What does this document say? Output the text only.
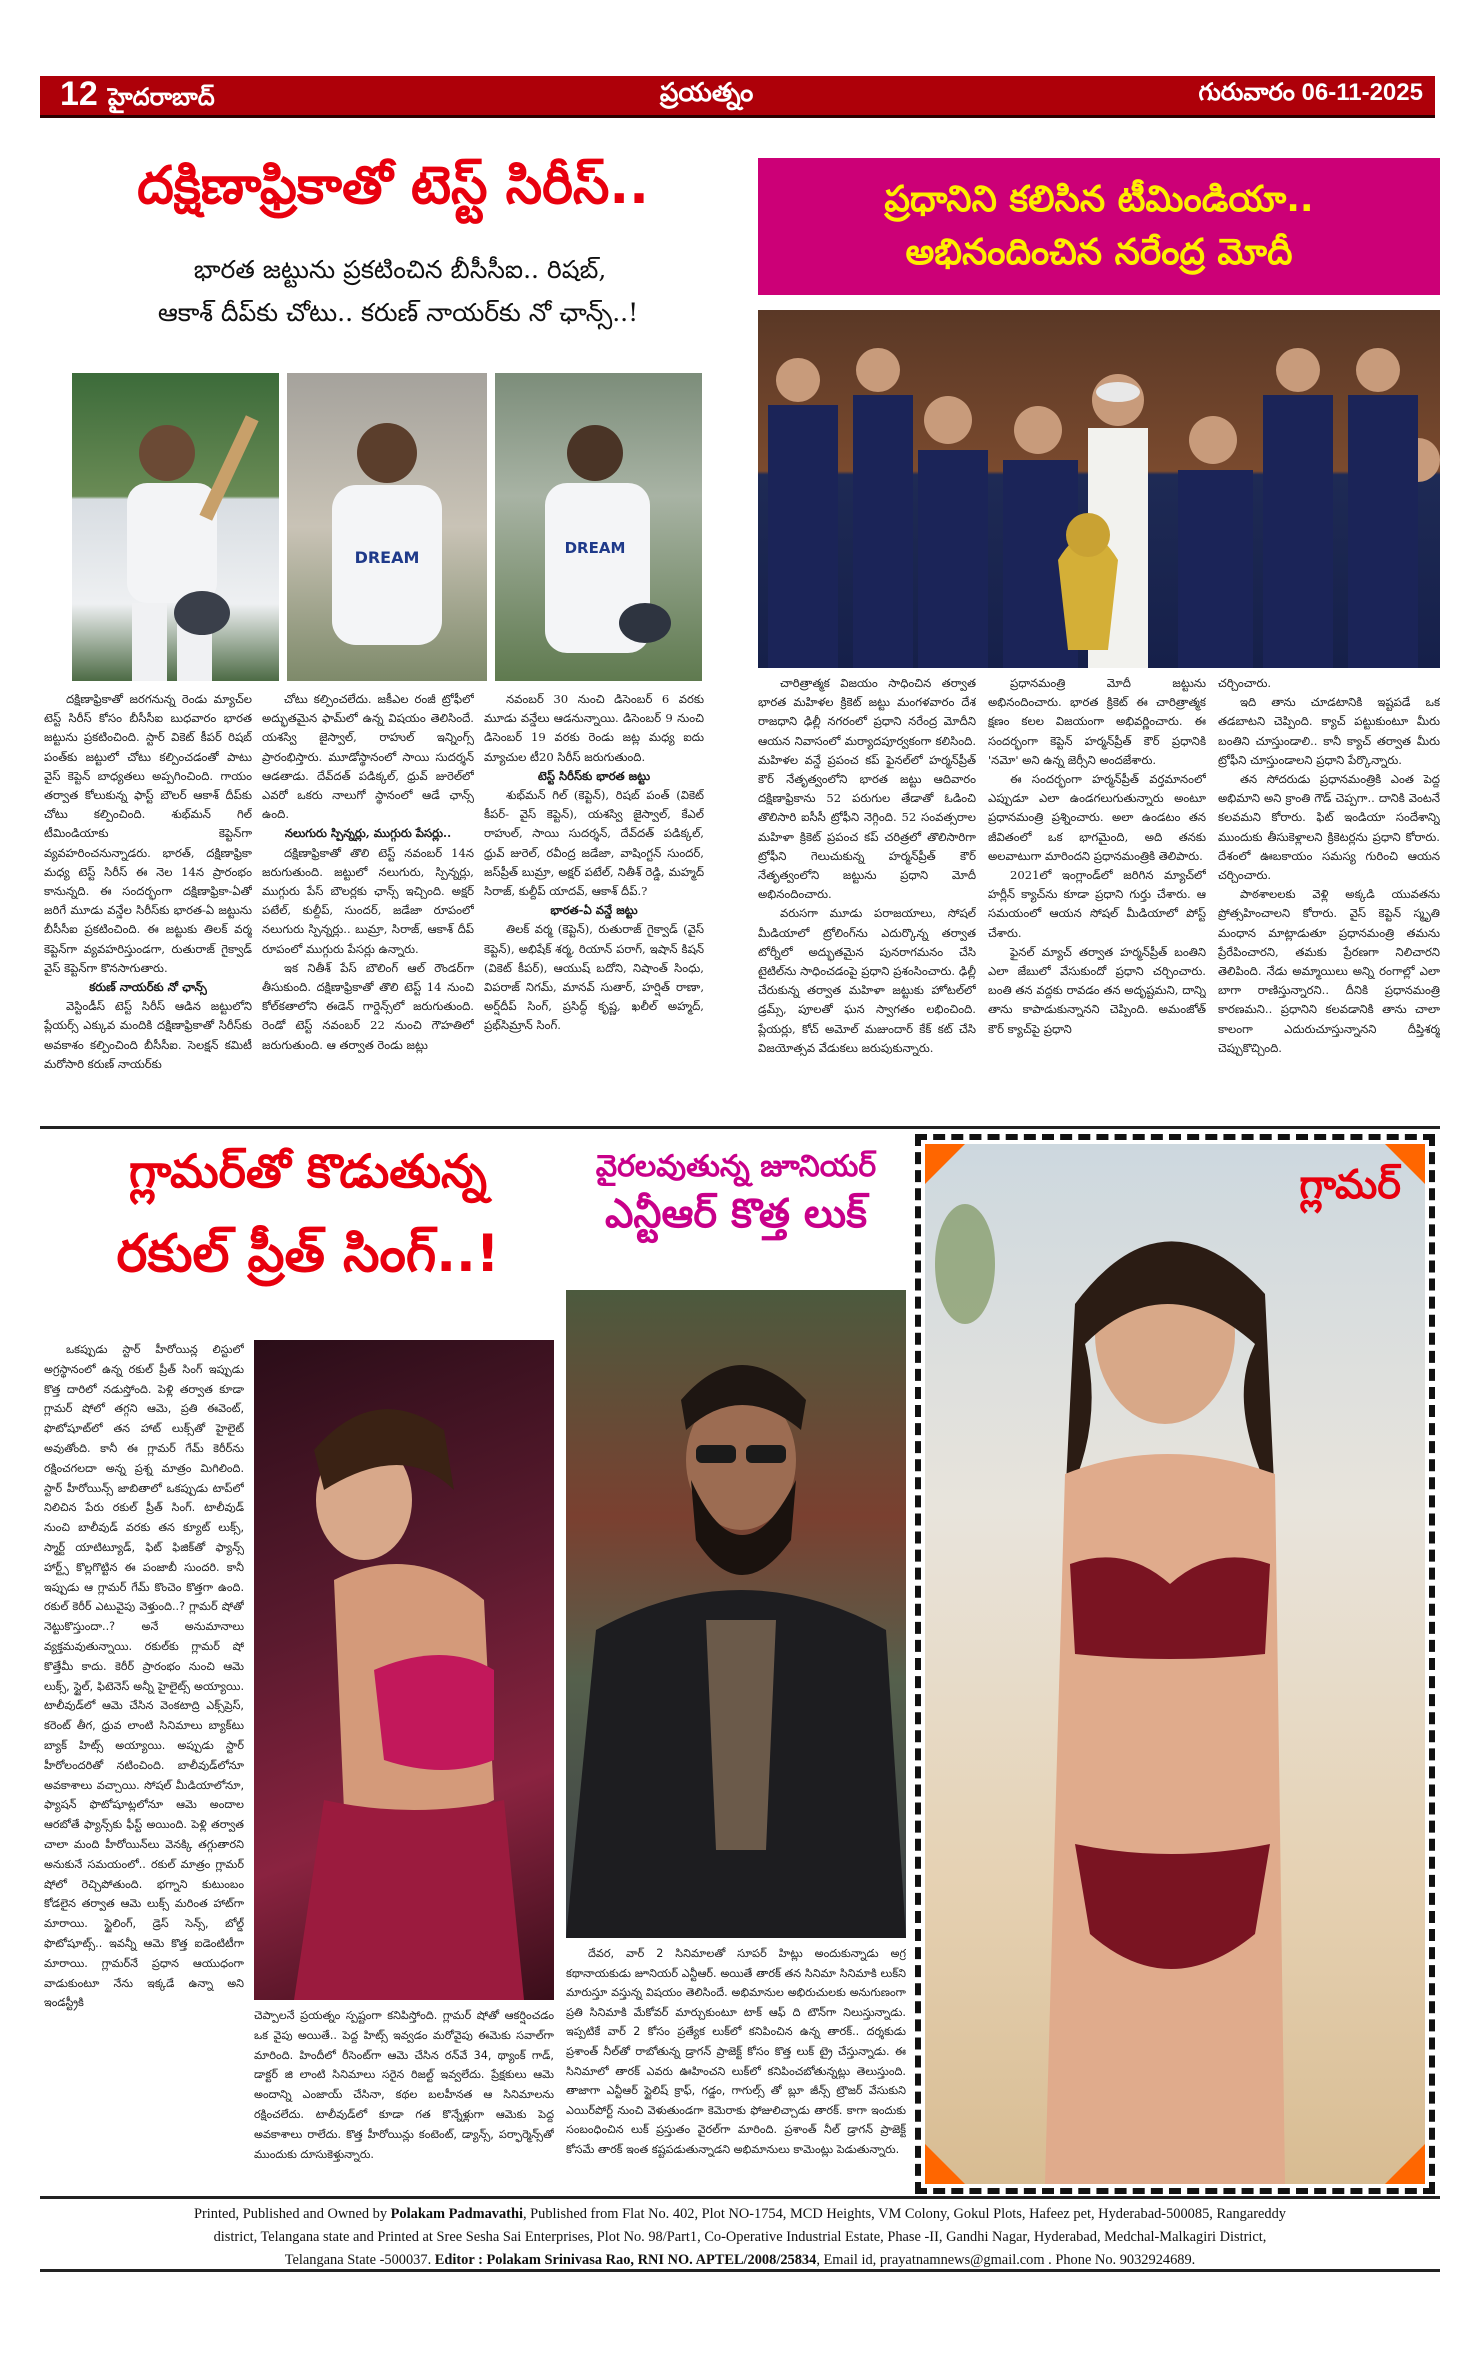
12 హైదరాబాద్	ప్రయత్నం	గురువారం 06-11-2025
దక్షిణాఫ్రికాతో టెస్ట్ సిరీస్..
భారత జట్టును ప్రకటించిన బీసీసీఐ.. రిషబ్,
ఆకాశ్ దీప్‌కు చోటు.. కరుణ్ నాయర్‌కు నో ఛాన్స్..!
DREAM	DREAM

దక్షిణాఫ్రికాతో జరగనున్న రెండు మ్యాచ్‌ల టెస్ట్ సిరీస్ కోసం బీసీసీఐ బుధవారం భారత జట్టును ప్రకటించింది. స్టార్ వికెట్ కీపర్ రిషబ్ పంత్‌కు జట్టులో చోటు కల్పించడంతో పాటు వైస్ కెప్టెన్ బాధ్యతలు అప్పగించింది. గాయం తర్వాత కోలుకున్న ఫాస్ట్ బౌలర్ ఆకాశ్ దీప్‌కు చోటు కల్పించింది. శుభ్‌మన్ గిల్ టీమిండియాకు కెప్టెన్‌గా వ్యవహరించనున్నాడరు. భారత్, దక్షిణాఫ్రికా మధ్య టెస్ట్ సిరీస్ ఈ నెల 14న ప్రారంభం కానున్నది. ఈ సందర్భంగా దక్షిణాఫ్రికా-ఏతో జరిగే మూడు వన్డేల సిరీస్‌కు భారత-ఏ జట్టును బీసీసీఐ ప్రకటించింది. ఈ జట్టుకు తిలక్ వర్మ కెప్టెన్‌గా వ్యవహరిస్తుండగా, రుతురాజ్ గైక్వాడ్ వైస్ కెప్టెన్‌గా కొనసాగుతారు.

కరుణ్ నాయర్‌కు నో ఛాన్స్

వెస్టిండీస్ టెస్ట్ సిరీస్ ఆడిన జట్టులోని ప్లేయర్స్ ఎక్కువ మందికి దక్షిణాఫ్రికాతో సిరీస్‌కు అవకాశం కల్పించింది బీసీసీఐ. సెలక్షన్ కమిటీ మరోసారి కరుణ్ నాయర్‌కు

చోటు కల్పించలేదు. జకీఎల రంజీ ట్రోఫీలో అద్భుతమైన ఫామ్‌లో ఉన్న విషయం తెలిసిందే. యశస్వి జైస్వాల్, రాహుల్ ఇన్నింగ్స్ ప్రారంభిస్తారు. మూడోస్థానంలో సాయి సుదర్శన్ ఆడతాడు. దేవ్‌దత్ పడిక్కల్, ధ్రువ్ జురెల్‌లో ఎవరో ఒకరు నాలుగో స్థానంలో ఆడే ఛాన్స్ ఉంది.

నలుగురు స్పిన్నర్లు, ముగ్గురు పేసర్లు..

దక్షిణాఫ్రికాతో తొలి టెస్ట్ నవంబర్ 14న జరుగుతుంది. జట్టులో నలుగురు, స్పిన్నర్లు, ముగ్గురు పేస్ బౌలర్లకు ఛాన్స్ ఇచ్చింది. అక్షర్ పటేల్, కుల్దీప్, సుందర్, జడేజా రూపంలో నలుగురు స్పిన్నర్లు.. బుమ్రా, సిరాజ్, ఆకాశ్ దీప్ రూపంలో ముగ్గురు పేసర్లు ఉన్నారు.

ఇక నితీశ్ పేస్ బౌలింగ్ ఆల్ రౌండర్‌గా తీసుకుంది. దక్షిణాఫ్రికాతో తొలి టెస్ట్ 14 నుంచి కోల్‌కతాలోని ఈడెన్ గార్డెన్స్‌లో జరుగుతుంది. రెండో టెస్ట్ నవంబర్ 22 నుంచి గౌహతిలో జరుగుతుంది. ఆ తర్వాత రెండు జట్లు

నవంబర్ 30 నుంచి డిసెంబర్ 6 వరకు మూడు వన్డేలు ఆడనున్నాయి. డిసెంబర్ 9 నుంచి డిసెంబర్ 19 వరకు రెండు జట్ల మధ్య ఐదు మ్యాచుల టీ20 సిరీస్ జరుగుతుంది.

టెస్ట్ సిరీస్‌కు భారత జట్టు

శుభ్‌మన్ గిల్ (కెప్టెన్), రిషబ్ పంత్ (వికెట్ కీపర్- వైస్ కెప్టెన్), యశస్వి జైస్వాల్, కేఎల్ రాహుల్, సాయి సుదర్శన్, దేవ్‌దత్ పడిక్కల్, ధ్రువ్ జురెల్, రవీంద్ర జడేజా, వాషింగ్టన్ సుందర్, జస్‌ప్రీత్ బుమ్రా, అక్షర్ పటేల్, నితీశ్ రెడ్డి, మహ్మద్ సిరాజ్, కుల్దీప్ యాదవ్, ఆకాశ్ దీప్.?

భారత-ఏ వన్డే జట్టు

తిలక్ వర్మ (కెప్టెన్), రుతురాజ్ గైక్వాడ్ (వైస్ కెప్టెన్), అభిషేక్ శర్మ, రియాన్ పరాగ్, ఇషాన్ కిషన్ (వికెట్ కీపర్), ఆయుష్ బదోని, నిషాంత్ సింధు, విపరాజ్ నిగమ్, మానవ్ సుతార్, హర్షిత్ రాణా, అర్ష్‌దీప్ సింగ్, ప్రసిద్ధ్ కృష్ణ, ఖలీల్ అహ్మద్, ప్రభ్‌సిమ్రాన్ సింగ్.

ప్రధానిని కలిసిన టీమిండియా..
అభినందించిన నరేంద్ర మోదీ

చారిత్రాత్మక విజయం సాధించిన తర్వాత భారత మహిళల క్రికెట్ జట్టు మంగళవారం దేశ రాజధాని ఢిల్లీ నగరంలో ప్రధాని నరేంద్ర మోదీని ఆయన నివాసంలో మర్యాదపూర్వకంగా కలిసింది. మహిళల వన్డే ప్రపంచ కప్ ఫైనల్‌లో హర్మన్‌ప్రీత్ కౌర్ నేతృత్వంలోని భారత జట్టు ఆదివారం దక్షిణాఫ్రికాను 52 పరుగుల తేడాతో ఓడించి తొలిసారి ఐసీసీ ట్రోఫీని నెగ్గింది. 52 సంవత్సరాల మహిళా క్రికెట్ ప్రపంచ కప్ చరిత్రలో తొలిసారిగా ట్రోఫీని గెలుచుకున్న హర్మన్‌ప్రీత్ కౌర్ నేతృత్వంలోని జట్టును ప్రధాని మోదీ అభినందించారు.

వరుసగా మూడు పరాజయాలు, సోషల్ మీడియాలో ట్రోలింగ్‌ను ఎదుర్కొన్న తర్వాత టోర్నీలో అద్భుతమైన పునరాగమనం చేసి టైటిల్‌ను సాధించడంపై ప్రధాని ప్రశంసించారు. ఢిల్లీ చేరుకున్న తర్వాత మహిళా జట్టుకు హోటల్‌లో డ్రమ్స్, పూలతో ఘన స్వాగతం లభించింది. ప్లేయర్లు, కోచ్ అమోల్ మజుందార్ కేక్ కట్ చేసి విజయోత్సవ వేడుకలు జరుపుకున్నారు.

ప్రధానమంత్రి మోదీ జట్టును అభినందించారు. భారత క్రికెట్ ఈ చారిత్రాత్మక క్షణం కలల విజయంగా అభివర్ణించారు. ఈ సందర్భంగా కెప్టెన్ హర్మన్‌ప్రీత్ కౌర్ ప్రధానికి 'నమో' అని ఉన్న జెర్సీని అందజేశారు.

ఈ సందర్భంగా హర్మన్‌ప్రీత్ వర్తమానంలో ఎప్పుడూ ఎలా ఉండగలుగుతున్నారు అంటూ ప్రధానమంత్రి ప్రశ్నించారు. అలా ఉండటం తన జీవితంలో ఒక భాగమైంది, అది తనకు అలవాటుగా మారిందని ప్రధానమంత్రికి తెలిపారు.

2021లో ఇంగ్లాండ్‌లో జరిగిన మ్యాచ్‌లో హర్లీన్ క్యాచ్‌ను కూడా ప్రధాని గుర్తు చేశారు. ఆ సమయంలో ఆయన సోషల్ మీడియాలో పోస్ట్ చేశారు.

ఫైనల్ మ్యాచ్ తర్వాత హర్మన్‌ప్రీత్ బంతిని ఎలా జేబులో వేసుకుందో ప్రధాని చర్చించారు. బంతి తన వద్దకు రావడం తన అదృష్టమని, దాన్ని తాను కాపాడుకున్నానని చెప్పింది. అమంజోత్ కౌర్ క్యాచ్‌పై ప్రధాని

చర్చించారు.

ఇది తాను చూడటానికి ఇష్టపడే ఒక తడబాటని చెప్పింది. క్యాచ్ పట్టుకుంటూ మీరు బంతిని చూస్తుండాలి.. కానీ క్యాచ్ తర్వాత మీరు ట్రోఫీని చూస్తుండాలని ప్రధాని పేర్కొన్నారు.

తన సోదరుడు ప్రధానమంత్రికి ఎంత పెద్ద అభిమాని అని క్రాంతి గౌడ్ చెప్పగా.. దానికి వెంటనే కలవమని కోరారు. ఫిట్ ఇండియా సందేశాన్ని ముందుకు తీసుకెళ్లాలని క్రికెటర్లను ప్రధాని కోరారు. దేశంలో ఊబకాయం సమస్య గురించి ఆయన చర్చించారు.

పాఠశాలలకు వెళ్లి అక్కడి యువతను ప్రోత్సహించాలని కోరారు. వైస్ కెప్టెన్ స్మృతి మంధాన మాట్లాడుతూ ప్రధానమంత్రి తమను ప్రేరేపించారని, తమకు ప్రేరణగా నిలిచారని తెలిపింది. నేడు అమ్మాయిలు అన్ని రంగాల్లో ఎలా బాగా రాణిస్తున్నారని.. దీనికి ప్రధానమంత్రి కారణమని.. ప్రధానిని కలవడానికి తాను చాలా కాలంగా ఎదురుచూస్తున్నానని దీప్తిశర్మ చెప్పుకొచ్చింది.

గ్లామర్‌తో కొడుతున్న
రకుల్ ప్రీత్ సింగ్..!

ఒకప్పుడు స్టార్ హీరోయిన్ల లిస్టులో అగ్రస్థానంలో ఉన్న రకుల్ ప్రీత్ సింగ్ ఇప్పుడు కొత్త దారిలో నడుస్తోంది. పెళ్లి తర్వాత కూడా గ్లామర్ షోలో తగ్గని ఆమె, ప్రతి ఈవెంట్, ఫొటోషూట్‌లో తన హాట్ లుక్స్‌తో హైలైట్ అవుతోంది. కానీ ఈ గ్లామర్ గేమ్ కెరీర్‌ను రక్షించగలదా అన్న ప్రశ్న మాత్రం మిగిలింది. స్టార్ హీరోయిన్స్ జాబితాలో ఒకప్పుడు టాప్‌లో నిలిచిన పేరు రకుల్ ప్రీత్ సింగ్. టాలీవుడ్ నుంచి బాలీవుడ్ వరకు తన క్యూట్ లుక్స్, స్మార్ట్ యాటిట్యూడ్, ఫిట్ ఫిజిక్‌తో ఫ్యాన్స్ హార్ట్స్ కొల్లగొట్టిన ఈ పంజాబీ సుందరి. కానీ ఇప్పుడు ఆ గ్లామర్ గేమ్ కొంచెం కొత్తగా ఉంది. రకుల్ కెరీర్ ఎటువైపు వెళ్తుంది..? గ్లామర్ షోతో నెట్టుకొస్తుందా..? అనే అనుమానాలు వ్యక్తమవుతున్నాయి. రకుల్‌కు గ్లామర్ షో కొత్తేమీ కాదు. కెరీర్ ప్రారంభం నుంచి ఆమె లుక్స్, స్టైల్, ఫిటెనెస్ అన్నీ హైలైట్స్ అయ్యాయి. టాలీవుడ్‌లో ఆమె చేసిన వెంకటాద్రి ఎక్స్‌ప్రెస్, కరెంట్ తీగ, ధ్రువ లాంటి సినిమాలు బ్యాక్‌టు బ్యాక్ హిట్స్ అయ్యాయి. అప్పుడు స్టార్ హీరోలందరితో నటించింది. బాలీవుడ్‌లోనూ అవకాశాలు వచ్చాయి. సోషల్ మీడియాలోనూ, ఫ్యాషన్ ఫొటోషూట్లలోనూ ఆమె అందాల ఆరబోతే ఫ్యాన్స్‌కు ఫీస్ట్ అయింది. పెళ్లి తర్వాత చాలా మంది హీరోయిన్‌లు వెనక్కి తగ్గుతారని అనుకునే సమయంలో.. రకుల్ మాత్రం గ్లామర్ షోలో రెచ్చిపోతుంది. భగ్నాని కుటుంబం కోడలైన తర్వాత ఆమె లుక్స్ మరింత హాట్‌గా మారాయి. స్టైలింగ్, డ్రెస్ సెన్స్, బోల్డ్ ఫొటోషూట్స్.. ఇవన్నీ ఆమె కొత్త ఐడెంటిటీగా మారాయి. గ్లామర్‌నే ప్రధాన ఆయుధంగా వాడుకుంటూ నేను ఇక్కడే ఉన్నా అని ఇండస్ట్రీకి

చెప్పాలనే ప్రయత్నం స్పష్టంగా కనిపిస్తోంది. గ్లామర్ షోతో ఆకర్షించడం ఒక వైపు అయితే.. పెద్ద హిట్స్ ఇవ్వడం మరోవైపు ఈమెకు సవాల్‌గా మారింది. హిందీలో రీసెంట్‌గా ఆమె చేసిన రన్‌వే 34, థ్యాంక్ గాడ్, డాక్టర్ జి లాంటి సినిమాలు సరైన రిజల్ట్ ఇవ్వలేదు. ప్రేక్షకులు ఆమె అందాన్ని ఎంజాయ్ చేసినా, కథల బలహీనత ఆ సినిమాలను రక్షించలేదు. టాలీవుడ్‌లో కూడా గత కొన్నేళ్లుగా ఆమెకు పెద్ద అవకాశాలు రాలేదు. కొత్త హీరోయిన్లు కంటెంట్, డ్యాన్స్, పర్ఫార్మెన్స్‌తో ముందుకు దూసుకెళ్తున్నారు.

వైరలవుతున్న జూనియర్
ఎన్టీఆర్ కొత్త లుక్

దేవర, వార్ 2 సినిమాలతో సూపర్ హిట్లు అందుకున్నాడు అగ్ర కథానాయకుడు జూనియర్ ఎన్టీఆర్. అయితే తారక్ తన సినిమా సినిమాకి లుక్‌ని మారుస్తూ వస్తున్న విషయం తెలిసిందే. అభిమానుల అభిరుచులకు అనుగుణంగా ప్రతి సినిమాకి మేకోవర్ మార్చుకుంటూ టాక్ ఆఫ్ ది టౌన్‌గా నిలుస్తున్నాడు. ఇప్పటికే వార్ 2 కోసం ప్రత్యేక లుక్‌లో కనిపించిన ఉన్న తారక్.. దర్శకుడు ప్రశాంత్ నీల్‌తో రాబోతున్న డ్రాగన్ ప్రాజెక్ట్ కోసం కొత్త లుక్ ట్రై చేస్తున్నాడు. ఈ సినిమాలో తారక్ ఎవరు ఊహించని లుక్‌లో కనిపించబోతున్నట్లు తెలుస్తుంది. తాజాగా ఎన్టీఆర్ స్టైలిష్ క్రాఫ్, గడ్డం, గాగుల్స్ తో బ్లూ జీన్స్ ట్రౌజర్ వేసుకుని ఎయిర్‌పోర్ట్ నుంచి వెళుతుండగా కెమెరాకు ఫోజులిచ్చాడు తారక్. కాగా ఇందుకు సంబంధించిన లుక్ ప్రస్తుతం వైరల్‌గా మారింది. ప్రశాంత్ నీల్ డ్రాగన్ ప్రాజెక్ట్ కోసమే తారక్ ఇంత కష్టపడుతున్నాడని అభిమానులు కామెంట్లు పెడుతున్నారు.

గ్లామర్
Printed, Published and Owned by Polakam Padmavathi, Published from Flat No. 402, Plot NO-1754, MCD Heights, VM Colony, Gokul Plots, Hafeez pet, Hyderabad-500085, Rangareddy
district, Telangana state and Printed at Sree Sesha Sai Enterprises, Plot No. 98/Part1, Co-Operative Industrial Estate, Phase -II, Gandhi Nagar, Hyderabad, Medchal-Malkagiri District,
Telangana State -500037. Editor : Polakam Srinivasa Rao, RNI NO. APTEL/2008/25834, Email id, prayatnamnews@gmail.com . Phone No. 9032924689.
